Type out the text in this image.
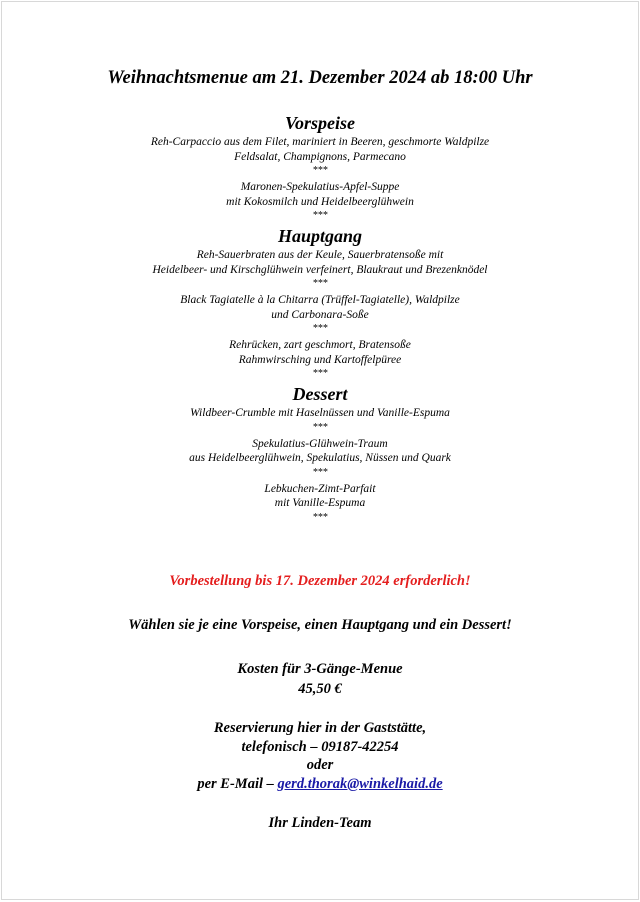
Weihnachtsmenue am 21. Dezember 2024 ab 18:00 Uhr
Vorspeise
Reh-Carpaccio aus dem Filet, mariniert in Beeren, geschmorte Waldpilze
Feldsalat, Champignons, Parmecano
***
Maronen-Spekulatius-Apfel-Suppe
mit Kokosmilch und Heidelbeerglühwein
***
Hauptgang
Reh-Sauerbraten aus der Keule, Sauerbratensoße mit
Heidelbeer- und Kirschglühwein verfeinert, Blaukraut und Brezenknödel
***
Black Tagiatelle à la Chitarra (Trüffel-Tagiatelle), Waldpilze
und Carbonara-Soße
***
Rehrücken, zart geschmort, Bratensoße
Rahmwirsching und Kartoffelpüree
***
Dessert
Wildbeer-Crumble mit Haselnüssen und Vanille-Espuma
***
Spekulatius-Glühwein-Traum
aus Heidelbeerglühwein, Spekulatius, Nüssen und Quark
***
Lebkuchen-Zimt-Parfait
mit Vanille-Espuma
***
Vorbestellung bis 17. Dezember 2024 erforderlich!
Wählen sie je eine Vorspeise, einen Hauptgang und ein Dessert!
Kosten für 3-Gänge-Menue
45,50 €
Reservierung hier in der Gaststätte,
telefonisch – 09187-42254
oder
per E-Mail – gerd.thorak@winkelhaid.de
Ihr Linden-Team
